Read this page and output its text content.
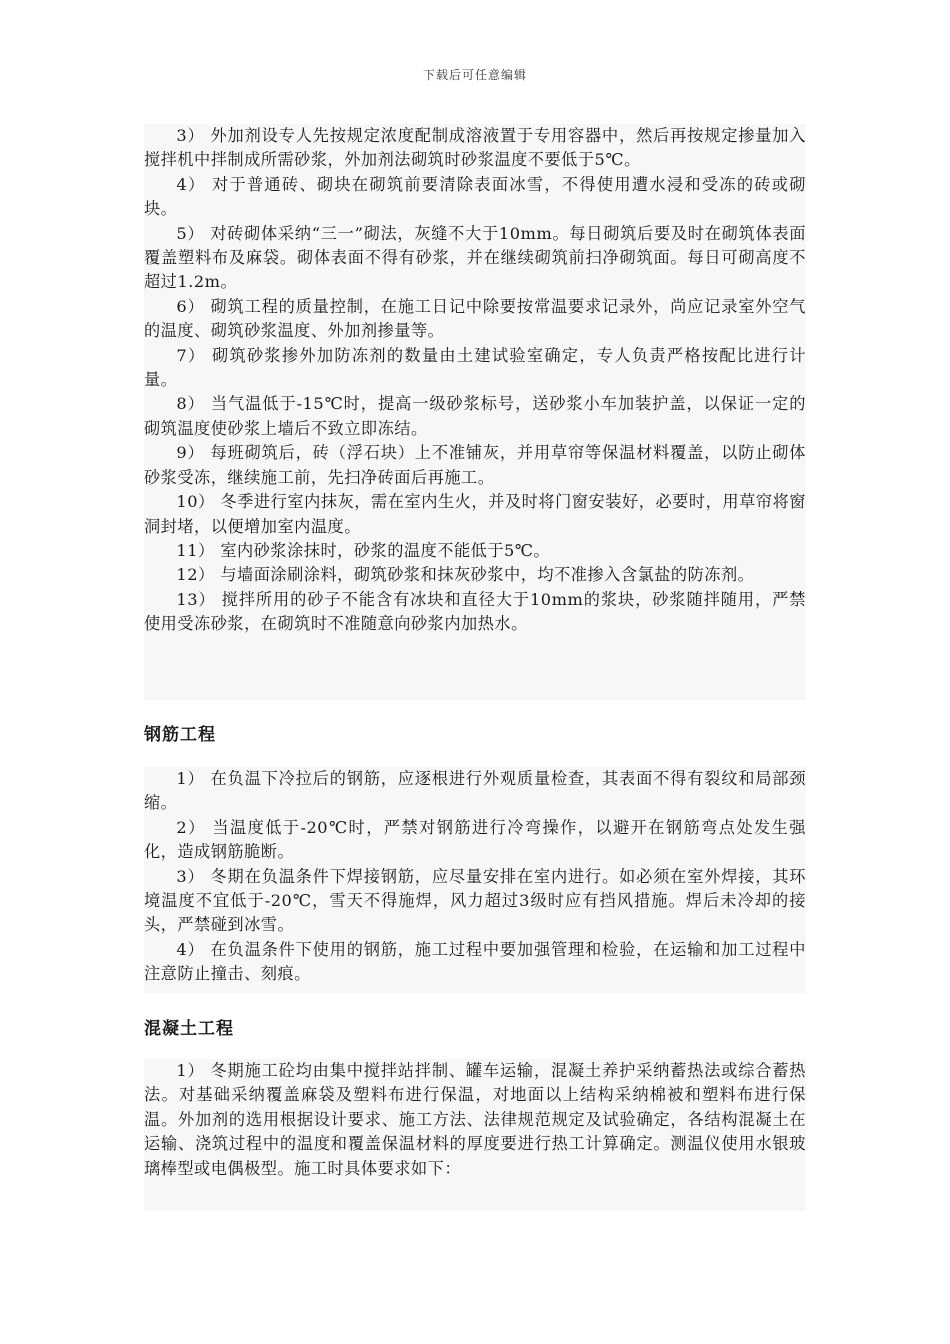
下载后可任意编辑

3） 外加剂设专人先按规定浓度配制成溶液置于专用容器中，然后再按规定掺量加入搅拌机中拌制成所需砂浆，外加剂法砌筑时砂浆温度不要低于5℃。

4） 对于普通砖、砌块在砌筑前要清除表面冰雪，不得使用遭水浸和受冻的砖或砌块。

5） 对砖砌体采纳“三一”砌法，灰缝不大于10mm。每日砌筑后要及时在砌筑体表面覆盖塑料布及麻袋。砌体表面不得有砂浆，并在继续砌筑前扫净砌筑面。每日可砌高度不超过1.2m。

6） 砌筑工程的质量控制，在施工日记中除要按常温要求记录外，尚应记录室外空气的温度、砌筑砂浆温度、外加剂掺量等。

7） 砌筑砂浆掺外加防冻剂的数量由土建试验室确定，专人负责严格按配比进行计量。

8） 当气温低于-15℃时，提高一级砂浆标号，送砂浆小车加装护盖，以保证一定的砌筑温度使砂浆上墙后不致立即冻结。

9） 每班砌筑后，砖（浮石块）上不准铺灰，并用草帘等保温材料覆盖，以防止砌体砂浆受冻，继续施工前，先扫净砖面后再施工。

10） 冬季进行室内抹灰，需在室内生火，并及时将门窗安装好，必要时，用草帘将窗洞封堵，以便增加室内温度。

11） 室内砂浆涂抹时，砂浆的温度不能低于5℃。

12） 与墙面涂刷涂料，砌筑砂浆和抹灰砂浆中，均不准掺入含氯盐的防冻剂。

13） 搅拌所用的砂子不能含有冰块和直径大于10mm的浆块，砂浆随拌随用，严禁使用受冻砂浆，在砌筑时不准随意向砂浆内加热水。

钢筋工程

1） 在负温下冷拉后的钢筋，应逐根进行外观质量检查，其表面不得有裂纹和局部颈缩。

2） 当温度低于-20℃时，严禁对钢筋进行冷弯操作，以避开在钢筋弯点处发生强化，造成钢筋脆断。

3） 冬期在负温条件下焊接钢筋，应尽量安排在室内进行。如必须在室外焊接，其环境温度不宜低于-20℃，雪天不得施焊，风力超过3级时应有挡风措施。焊后未冷却的接头，严禁碰到冰雪。

4） 在负温条件下使用的钢筋，施工过程中要加强管理和检验，在运输和加工过程中注意防止撞击、刻痕。

混凝土工程

1） 冬期施工砼均由集中搅拌站拌制、罐车运输，混凝土养护采纳蓄热法或综合蓄热法。对基础采纳覆盖麻袋及塑料布进行保温，对地面以上结构采纳棉被和塑料布进行保温。外加剂的选用根据设计要求、施工方法、法律规范规定及试验确定，各结构混凝土在运输、浇筑过程中的温度和覆盖保温材料的厚度要进行热工计算确定。测温仪使用水银玻璃棒型或电偶极型。施工时具体要求如下：
